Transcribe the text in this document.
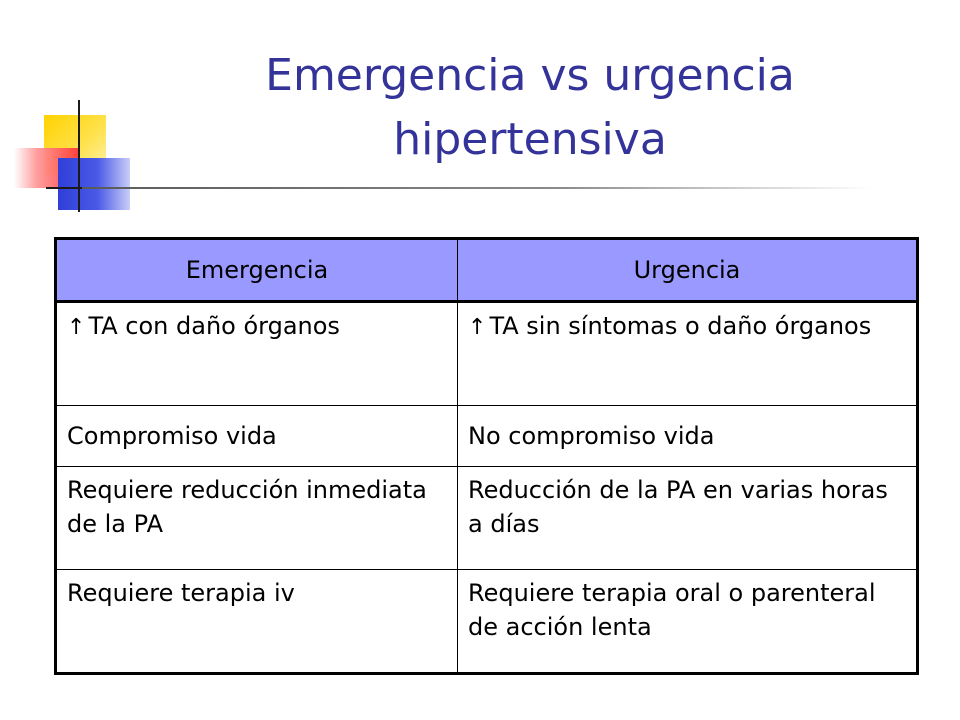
Emergencia vs urgencia
hipertensiva
Emergencia	Urgencia
↑ TA con daño órganos	↑ TA sin síntomas o daño órganos
Compromiso vida	No compromiso vida
Requiere reducción inmediata de la PA	Reducción de la PA en varias horas a días
Requiere terapia iv	Requiere terapia oral o parenteral de acción lenta
